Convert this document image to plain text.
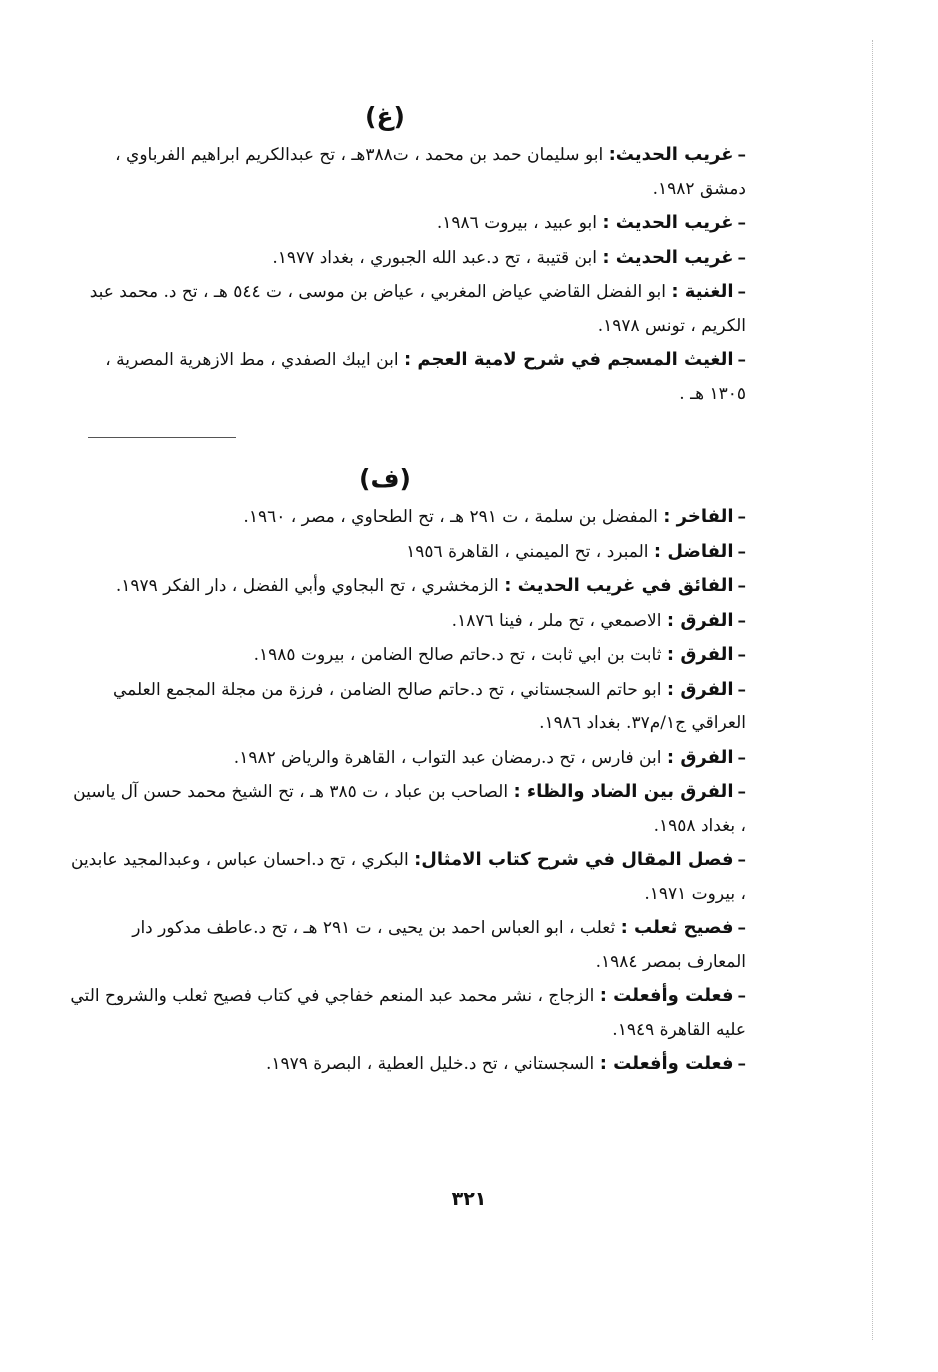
(غ)

–غريب الحديث: ابو سليمان حمد بن محمد ، ت٣٨٨هـ ، تح عبدالكريم ابراهيم الفرباوي ، دمشق ١٩٨٢.

–غريب الحديث : ابو عبيد ، بيروت ١٩٨٦.

–غريب الحديث : ابن قتيبة ، تح د.عبد الله الجبوري ، بغداد ١٩٧٧.

–الغنية : ابو الفضل القاضي عياض المغربي ، عياض بن موسى ، ت ٥٤٤ هـ ، تح د. محمد عبد الكريم ، تونس ١٩٧٨.

–الغيث المسجم في شرح لامية العجم : ابن ايبك الصفدي ، مط الازهرية المصرية ، ١٣٠٥ هـ .

(ف)

–الفاخر : المفضل بن سلمة ، ت ٢٩١ هـ ، تح الطحاوي ، مصر ، ١٩٦٠.

–الفاضل : المبرد ، تح الميمني ، القاهرة ١٩٥٦

–الفائق في غريب الحديث : الزمخشري ، تح البجاوي وأبي الفضل ، دار الفكر ١٩٧٩.

–الفرق : الاصمعي ، تح ملر ، فينا ١٨٧٦.

–الفرق : ثابت بن ابي ثابت ، تح د.حاتم صالح الضامن ، بيروت ١٩٨٥.

–الفرق : ابو حاتم السجستاني ، تح د.حاتم صالح الضامن ، فرزة من مجلة المجمع العلمي العراقي ج١/م٣٧. بغداد ١٩٨٦.

–الفرق : ابن فارس ، تح د.رمضان عبد التواب ، القاهرة والرياض ١٩٨٢.

–الفرق بين الضاد والظاء : الصاحب بن عباد ، ت ٣٨٥ هـ ، تح الشيخ محمد حسن آل ياسين ، بغداد ١٩٥٨.

–فصل المقال في شرح كتاب الامثال: البكري ، تح د.احسان عباس ، وعبدالمجيد عابدين ، بيروت ١٩٧١.

–فصيح ثعلب : ثعلب ، ابو العباس احمد بن يحيى ، ت ٢٩١ هـ ، تح د.عاطف مدكور دار المعارف بمصر ١٩٨٤.

–فعلت وأفعلت : الزجاج ، نشر محمد عبد المنعم خفاجي في كتاب فصيح ثعلب والشروح التي عليه القاهرة ١٩٤٩.

–فعلت وأفعلت : السجستاني ، تح د.خليل العطية ، البصرة ١٩٧٩.

٣٢١
